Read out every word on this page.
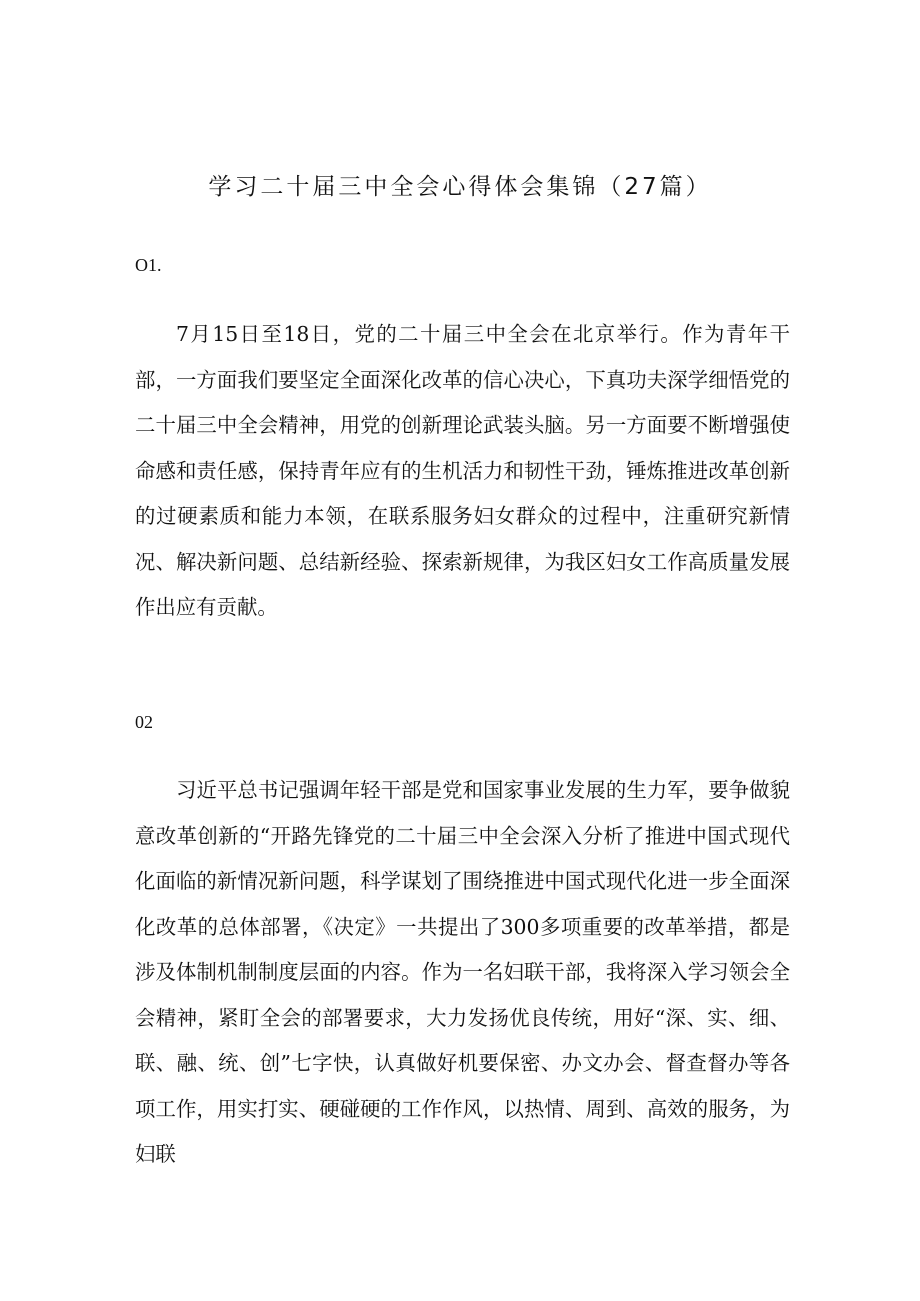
学习二十届三中全会心得体会集锦（27篇）
O1.

7月15日至18日，党的二十届三中全会在北京举行。作为青年干部，一方面我们要坚定全面深化改革的信心决心，下真功夫深学细悟党的二十届三中全会精神，用党的创新理论武装头脑。另一方面要不断增强使命感和责任感，保持青年应有的生机活力和韧性干劲，锤炼推进改革创新的过硬素质和能力本领，在联系服务妇女群众的过程中，注重研究新情况、解决新问题、总结新经验、探索新规律，为我区妇女工作高质量发展作出应有贡献。

02

习近平总书记强调年轻干部是党和国家事业发展的生力军，要争做貌意改革创新的“开路先锋党的二十届三中全会深入分析了推进中国式现代化面临的新情况新问题，科学谋划了围绕推进中国式现代化进一步全面深化改革的总体部署，《决定》一共提出了300多项重要的改革举措，都是涉及体制机制制度层面的内容。作为一名妇联干部，我将深入学习领会全会精神，紧盯全会的部署要求，大力发扬优良传统，用好“深、实、细、联、融、统、创”七字快，认真做好机要保密、办文办会、督查督办等各项工作，用实打实、硬碰硬的工作作风，以热情、周到、高效的服务，为妇联
